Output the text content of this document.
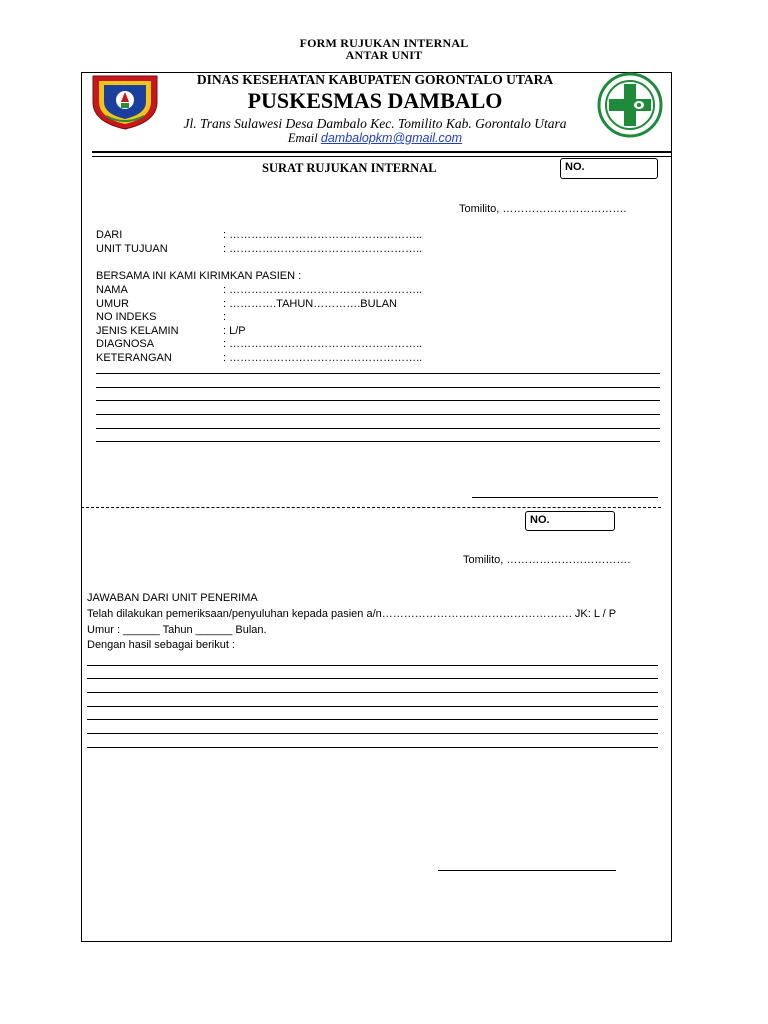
FORM RUJUKAN INTERNAL
ANTAR UNIT
DINAS KESEHATAN KABUPATEN GORONTALO UTARA
PUSKESMAS DAMBALO
Jl. Trans Sulawesi Desa Dambalo Kec. Tomilito Kab. Gorontalo Utara
Email dambalopkm@gmail.com
SURAT RUJUKAN INTERNAL	NO.
Tomilito, …………………………….
DARI	: ……………………………………………..
UNIT TUJUAN	: ……………………………………………..
BERSAMA INI KAMI KIRIMKAN PASIEN :
NAMA	: ……………………………………………..
UMUR	: ………….TAHUN………….BULAN
NO INDEKS	:
JENIS KELAMIN	: L/P
DIAGNOSA	: ……………………………………………..
KETERANGAN	: ……………………………………………..
NO.
Tomilito, …………………………….
JAWABAN DARI UNIT PENERIMA
Telah dilakukan pemeriksaan/penyuluhan kepada pasien a/n……………………………………………. JK: L / P
Umur : ______ Tahun ______ Bulan.
Dengan hasil sebagai berikut :
